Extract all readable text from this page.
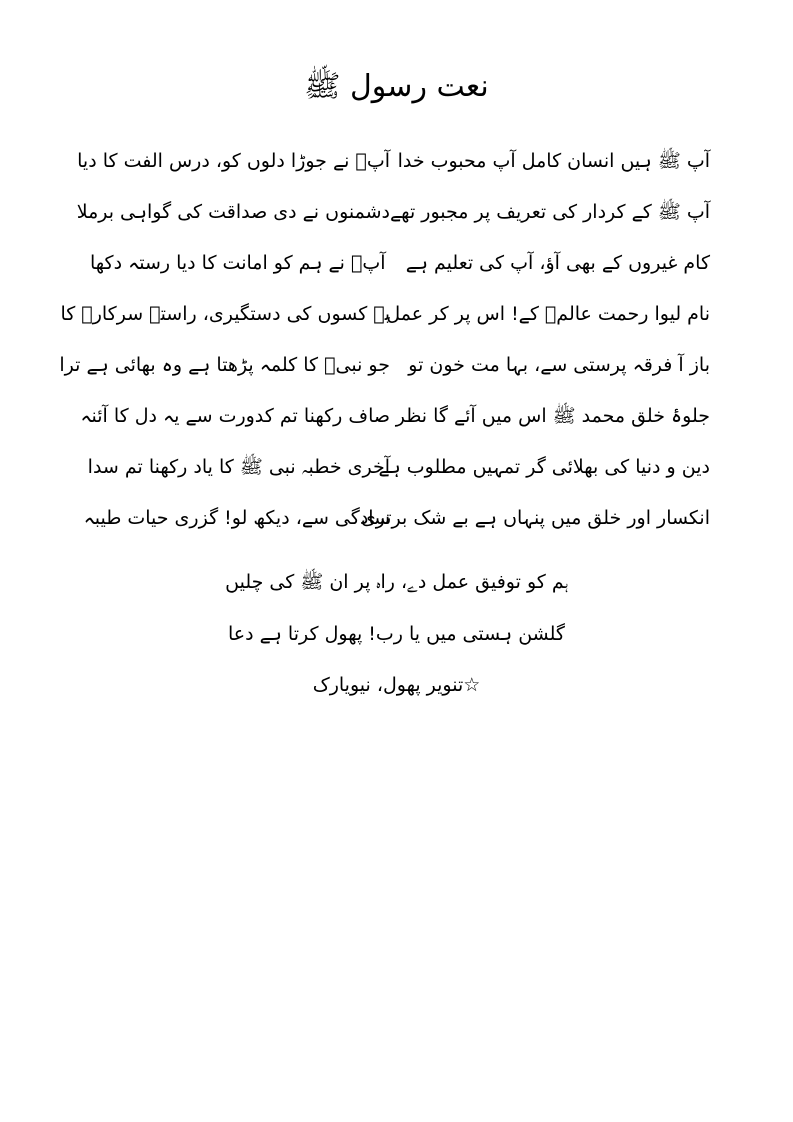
نعت رسول ﷺ
آپ ﷺ ہیں انسان کامل آپ محبوب خدا
آپؐ نے جوڑا دلوں کو، درس الفت کا دیا
آپ ﷺ کے کردار کی تعریف پر مجبور تھے
دشمنوں نے دی صداقت کی گواہی برملا
کام غیروں کے بھی آؤ، آپ کی تعلیم ہے
آپؐ نے ہم کو امانت کا دیا رستہ دکھا
نام لیوا رحمت عالمؐ کے! اس پر کر عمل
بے کسوں کی دستگیری، راستہ سرکارؐ کا
باز آ فرقہ پرستی سے، بہا مت خون تو
جو نبیؐ کا کلمہ پڑھتا ہے وہ بھائی ہے ترا
جلوۂ خلق محمد ﷺ اس میں آئے گا نظر
صاف رکھنا تم کدورت سے یہ دل کا آئنہ
دین و دنیا کی بھلائی گر تمہیں مطلوب ہے
آخری خطبہ نبی ﷺ کا یاد رکھنا تم سدا
انکسار اور خلق میں پنہاں ہے بے شک برتری
سادگی سے، دیکھ لو! گزری حیات طیبہ
ہم کو توفیق عمل دے، راہ پر ان ﷺ کی چلیں
گلشن ہستی میں یا رب! پھول کرتا ہے دعا
☆تنویر پھول، نیویارک
